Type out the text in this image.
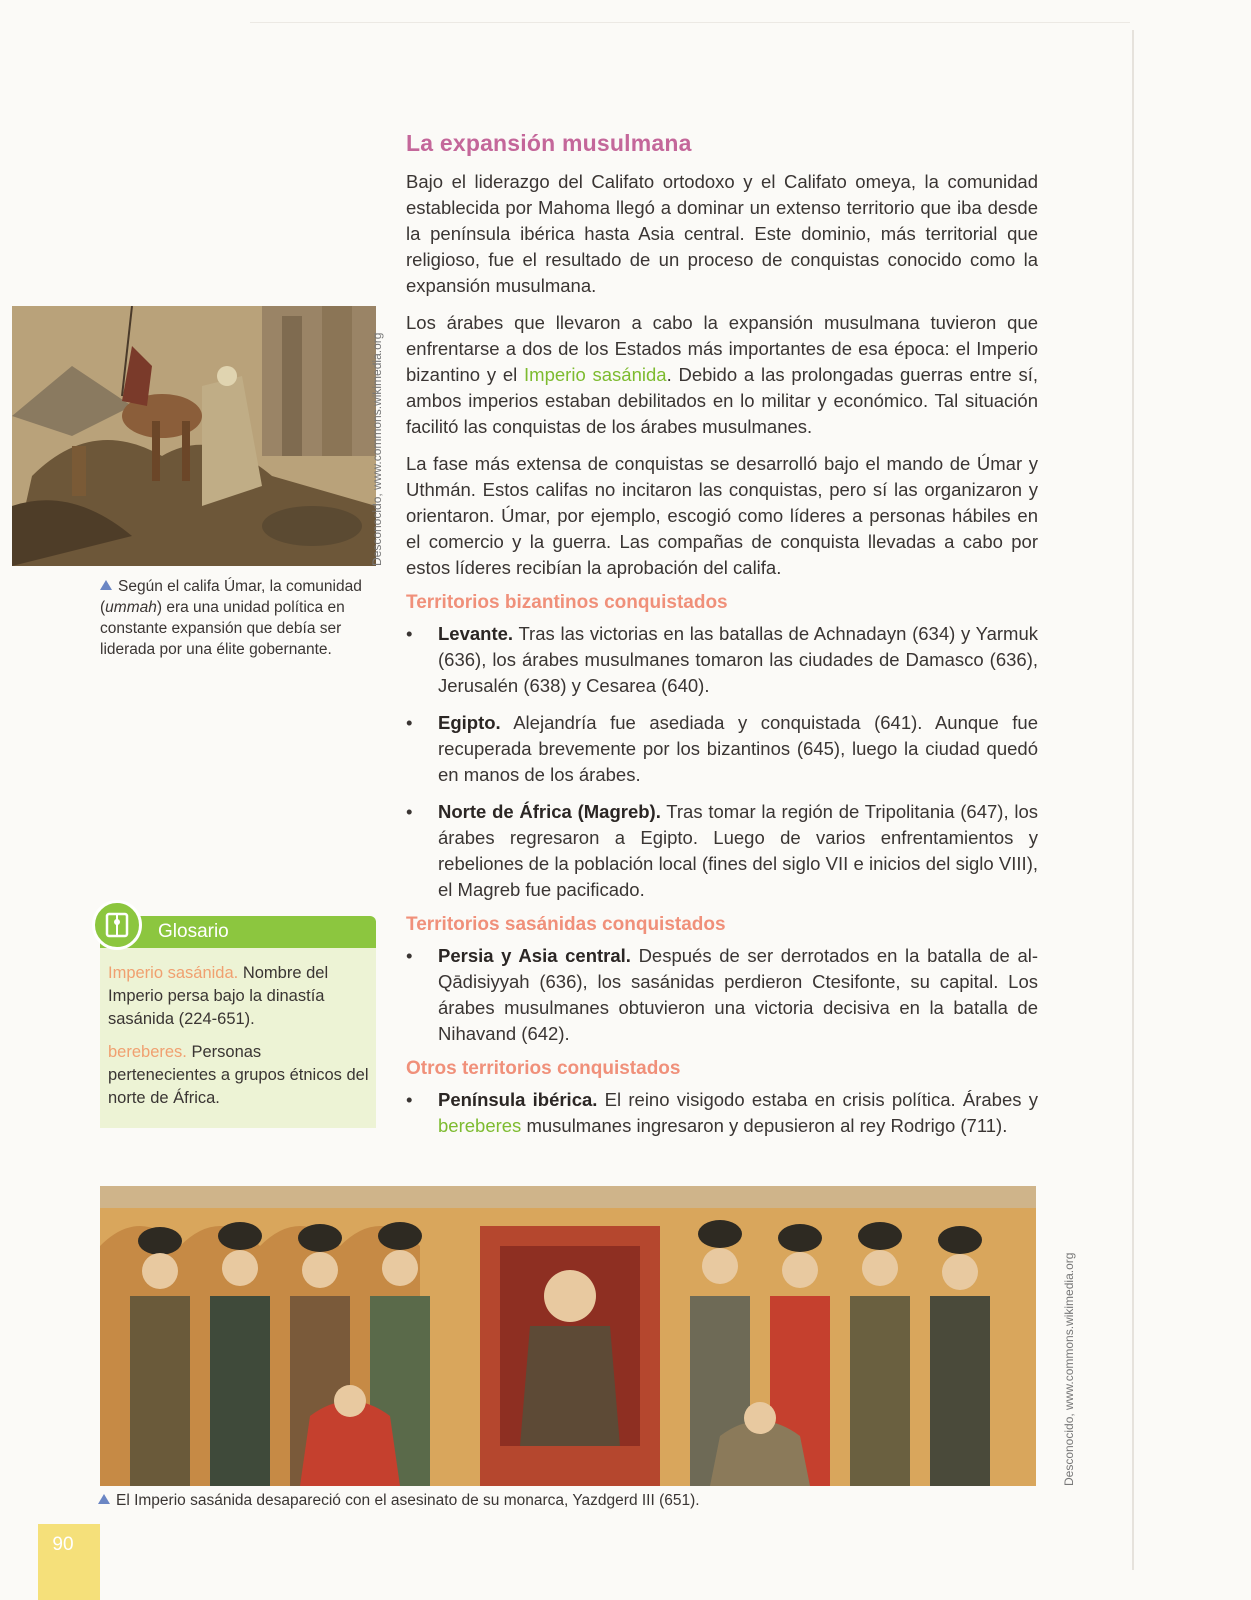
Desconocido, www.commons.wikimedia.org
Según el califa Úmar, la comunidad (ummah) era una unidad política en constante expansión que debía ser liderada por una élite gobernante.
Glosario

Imperio sasánida. Nombre del Imperio persa bajo la dinastía sasánida (224-651).

bereberes. Personas pertenecientes a grupos étnicos del norte de África.

La expansión musulmana

Bajo el liderazgo del Califato ortodoxo y el Califato omeya, la comunidad establecida por Mahoma llegó a dominar un extenso territorio que iba desde la península ibérica hasta Asia central. Este dominio, más territorial que religioso, fue el resultado de un proceso de conquistas conocido como la expansión musulmana.

Los árabes que llevaron a cabo la expansión musulmana tuvieron que enfrentarse a dos de los Estados más importantes de esa época: el Imperio bizantino y el Imperio sasánida. Debido a las prolongadas guerras entre sí, ambos imperios estaban debilitados en lo militar y económico. Tal situación facilitó las conquistas de los árabes musulmanes.

La fase más extensa de conquistas se desarrolló bajo el mando de Úmar y Uthmán. Estos califas no incitaron las conquistas, pero sí las organizaron y orientaron. Úmar, por ejemplo, escogió como líderes a personas hábiles en el comercio y la guerra. Las compañas de conquista llevadas a cabo por estos líderes recibían la aprobación del califa.

Territorios bizantinos conquistados
• Levante. Tras las victorias en las batallas de Achnadayn (634) y Yarmuk (636), los árabes musulmanes tomaron las ciudades de Damasco (636), Jerusalén (638) y Cesarea (640).
• Egipto. Alejandría fue asediada y conquistada (641). Aunque fue recuperada brevemente por los bizantinos (645), luego la ciudad quedó en manos de los árabes.
• Norte de África (Magreb). Tras tomar la región de Tripolitania (647), los árabes regresaron a Egipto. Luego de varios enfrentamientos y rebeliones de la población local (fines del siglo VII e inicios del siglo VIII), el Magreb fue pacificado.
Territorios sasánidas conquistados
• Persia y Asia central. Después de ser derrotados en la batalla de al-Qādisiyyah (636), los sasánidas perdieron Ctesifonte, su capital. Los árabes musulmanes obtuvieron una victoria decisiva en la batalla de Nihavand (642).
Otros territorios conquistados
• Península ibérica. El reino visigodo estaba en crisis política. Árabes y bereberes musulmanes ingresaron y depusieron al rey Rodrigo (711).
Desconocido, www.commons.wikimedia.org
El Imperio sasánida desapareció con el asesinato de su monarca, Yazdgerd III (651).
90
